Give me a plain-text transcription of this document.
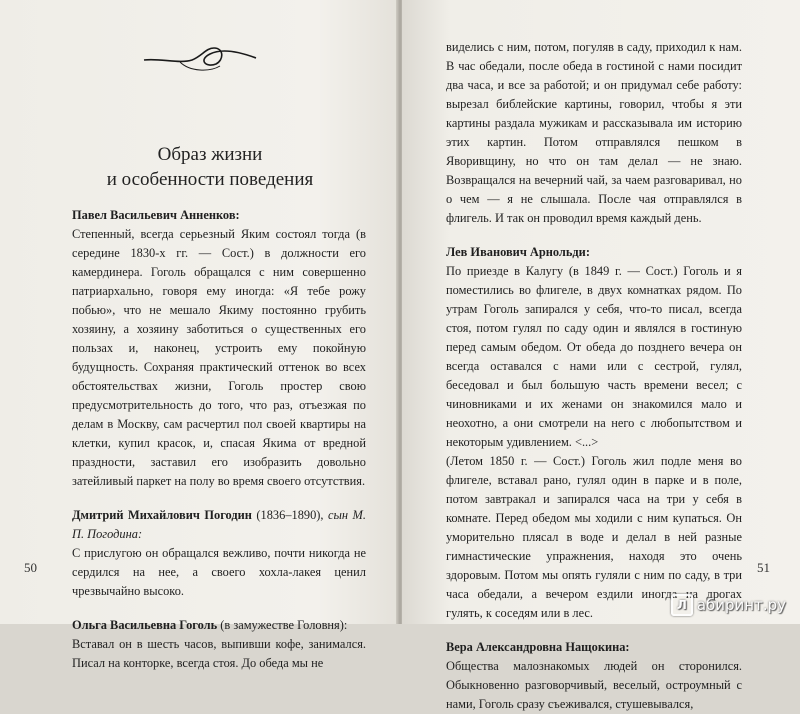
Образ жизни
и особенности поведения

Павел Васильевич Анненков:

Степенный, всегда серьезный Яким состоял тогда (в середине 1830-х гг. — Сост.) в должности его камердинера. Гоголь обращался с ним совершенно патриархально, говоря ему иногда: «Я тебе рожу побью», что не мешало Якиму постоянно грубить хозяину, а хозяину заботиться о существенных его пользах и, наконец, устроить ему покойную будущность. Сохраняя практический оттенок во всех обстоятельствах жизни, Гоголь простер свою предусмотрительность до того, что раз, отъезжая по делам в Москву, сам расчертил пол своей квартиры на клетки, купил красок, и, спасая Якима от вредной праздности, заставил его изобразить довольно затейливый паркет на полу во время своего отсутствия.

Дмитрий Михайлович Погодин (1836–1890), сын М. П. Погодина:

С прислугою он обращался вежливо, почти никогда не сердился на нее, а своего хохла-лакея ценил чрезвычайно высоко.

Ольга Васильевна Гоголь (в замужестве Головня):

Вставал он в шесть часов, выпивши кофе, занимался. Писал на конторке, всегда стоя. До обеда мы не

50

виделись с ним, потом, погуляв в саду, приходил к нам. В час обедали, после обеда в гостиной с нами посидит два часа, и все за работой; и он придумал себе работу: вырезал библейские картины, говорил, чтобы я эти картины раздала мужикам и рассказывала им историю этих картин. Потом отправлялся пешком в Яворивщину, но что он там делал — не знаю. Возвращался на вечерний чай, за чаем разговаривал, но о чем — я не слышала. После чая отправлялся в флигель. И так он проводил время каждый день.

Лев Иванович Арнольди:

По приезде в Калугу (в 1849 г. — Сост.) Гоголь и я поместились во флигеле, в двух комнатках рядом. По утрам Гоголь запирался у себя, что-то писал, всегда стоя, потом гулял по саду один и являлся в гостиную перед самым обедом. От обеда до позднего вечера он всегда оставался с нами или с сестрой, гулял, беседовал и был большую часть времени весел; с чиновниками и их женами он знакомился мало и неохотно, а они смотрели на него с любопытством и некоторым удивлением. <...>

(Летом 1850 г. — Сост.) Гоголь жил подле меня во флигеле, вставал рано, гулял один в парке и в поле, потом завтракал и запирался часа на три у себя в комнате. Перед обедом мы ходили с ним купаться. Он уморительно плясал в воде и делал в ней разные гимнастические упражнения, находя это очень здоровым. Потом мы опять гуляли с ним по саду, в три часа обедали, а вечером ездили иногда на дрогах гулять, к соседям или в лес.

Вера Александровна Нащокина:

Общества малознакомых людей он сторонился. Обыкновенно разговорчивый, веселый, остроумный с нами, Гоголь сразу съеживался, стушевывался,

51
Л абиринт.ру
